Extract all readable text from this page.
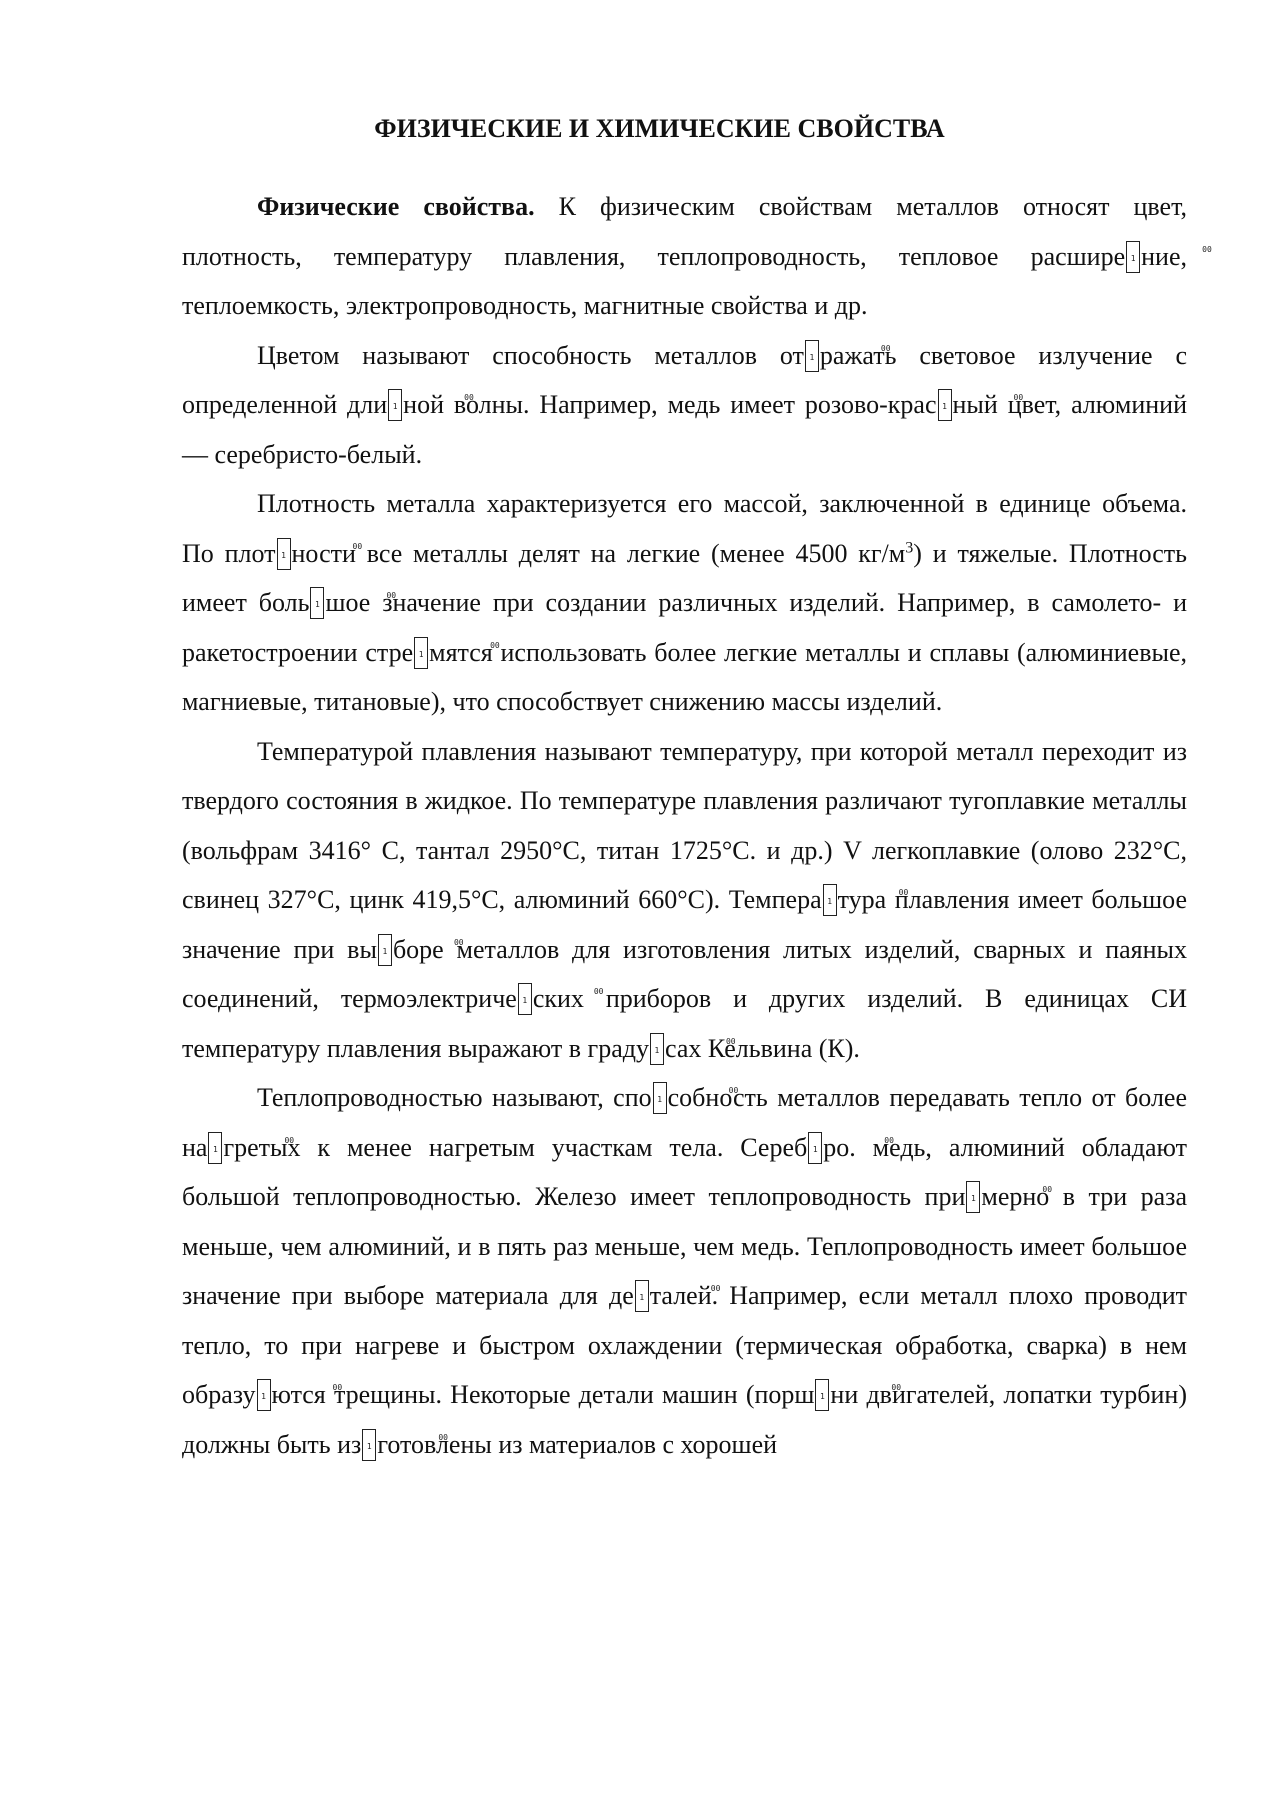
ФИЗИЧЕСКИЕ И ХИМИЧЕСКИЕ СВОЙСТВА

Физические свойства. К физическим свойствам металлов относят цвет, плотность, температуру плавления, теплопроводность, тепловое расшире 00 1 ние, теплоемкость, электропроводность, магнитные свойства и др.

Цветом называют способность металлов от 00 1 ражать световое излучение с определенной дли 00 1 ной волны. Например, медь имеет розово-крас 00 1 ный цвет, алюминий — серебристо-белый.

Плотность металла характеризуется его массой, заключенной в единице объема. По плот 00 1 ности все металлы делят на легкие (менее 4500 $кг/м^3$) и тяжелые. Плотность имеет боль 00 1 шое значение при создании различных изделий. Например, в самолето- и ракетостроении стре 00 1 мятся использовать более легкие металлы и сплавы (алюминиевые, магниевые, титановые), что способствует снижению массы изделий.

Температурой плавления называют температуру, при которой металл переходит из твердого состояния в жидкое. По температуре плавления различают тугоплавкие металлы (вольфрам 3416° С, тантал 2950°С, титан 1725°С. и др.) V легкоплавкие (олово 232°С, свинец 327°С, цинк 419,5°С, алюминий 660°С). Темпера 00 1 тура плавления имеет большое значение при вы 00 1 боре металлов для изготовления литых изделий, сварных и паяных соединений, термоэлектриче 00 1 ских приборов и других изделий. В единицах СИ температуру плавления выражают в граду 00 1 сах Кельвина (К).

Теплопроводностью называют, спо 00 1 собность металлов передавать тепло от более на 00 1 гретых к менее нагретым участкам тела. Сереб 00 1 ро. медь, алюминий обладают большой теплопроводностью. Железо имеет теплопроводность при 00 1 мерно в три раза меньше, чем алюминий, и в пять раз меньше, чем медь. Теплопроводность имеет большое значение при выборе материала для де 00 1 талей. Например, если металл плохо проводит тепло, то при нагреве и быстром охлаждении (термическая обработка, сварка) в нем образу 00 1 ются трещины. Некоторые детали машин (порш 00 1 ни двигателей, лопатки турбин) должны быть из 00 1 готовлены из материалов с хорошей
